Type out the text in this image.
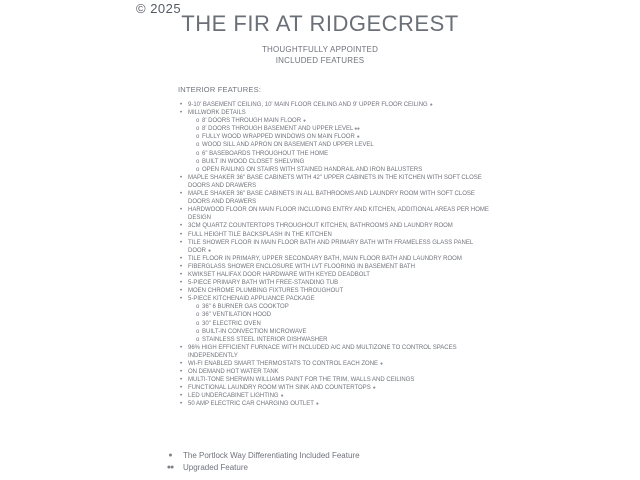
© 2025
THE FIR AT RIDGECREST
THOUGHTFULLY APPOINTED
INCLUDED FEATURES
INTERIOR FEATURES:
• 9-10' BASEMENT CEILING, 10' MAIN FLOOR CEILING AND 9' UPPER FLOOR CEILING ●
• MILLWORK DETAILS
o 8' DOORS THROUGH MAIN FLOOR ●
o 8' DOORS THROUGH BASEMENT AND UPPER LEVEL●●
o FULLY WOOD WRAPPED WINDOWS ON MAIN FLOOR ●
o WOOD SILL AND APRON ON BASEMENT AND UPPER LEVEL
o 6" BASEBOARDS THROUGHOUT THE HOME
o BUILT IN WOOD CLOSET SHELVING
o OPEN RAILING ON STAIRS WITH STAINED HANDRAIL AND IRON BALUSTERS
• MAPLE SHAKER 36" BASE CABINETS WITH 42" UPPER CABINETS IN THE KITCHEN WITH SOFT CLOSE DOORS AND DRAWERS
• MAPLE SHAKER 36" BASE CABINETS IN ALL BATHROOMS AND LAUNDRY ROOM WITH SOFT CLOSE DOORS AND DRAWERS
• HARDWOOD FLOOR ON MAIN FLOOR INCLUDING ENTRY AND KITCHEN, ADDITIONAL AREAS PER HOME DESIGN
• 3CM QUARTZ COUNTERTOPS THROUGHOUT KITCHEN, BATHROOMS AND LAUNDRY ROOM
• FULL HEIGHT TILE BACKSPLASH IN THE KITCHEN
• TILE SHOWER FLOOR IN MAIN FLOOR BATH AND PRIMARY BATH WITH FRAMELESS GLASS PANEL DOOR ●
• TILE FLOOR IN PRIMARY, UPPER SECONDARY BATH, MAIN FLOOR BATH AND LAUNDRY ROOM
• FIBERGLASS SHOWER ENCLOSURE WITH LVT FLOORING IN BASEMENT BATH
• KWIKSET HALIFAX DOOR HARDWARE WITH KEYED DEADBOLT
• 5-PIECE PRIMARY BATH WITH FREE-STANDING TUB
• MOEN CHROME PLUMBING FIXTURES THROUGHOUT
• 5-PIECE KITCHENAID APPLIANCE PACKAGE
o 36" 6 BURNER GAS COOKTOP
o 36" VENTILATION HOOD
o 30" ELECTRIC OVEN
o BUILT-IN CONVECTION MICROWAVE
o STAINLESS STEEL INTERIOR DISHWASHER
• 96% HIGH EFFICIENT FURNACE WITH INCLUDED A/C AND MULTIZONE TO CONTROL SPACES INDEPENDENTLY
• WI-FI ENABLED SMART THERMOSTATS TO CONTROL EACH ZONE ●
• ON DEMAND HOT WATER TANK
• MULTI-TONE SHERWIN WILLIAMS PAINT FOR THE TRIM, WALLS AND CEILINGS
• FUNCTIONAL LAUNDRY ROOM WITH SINK AND COUNTERTOPS ●
• LED UNDERCABINET LIGHTING ●
• 50 AMP ELECTRIC CAR CHARGING OUTLET ●
●	The Portlock Way Differentiating Included Feature
●●	Upgraded Feature
